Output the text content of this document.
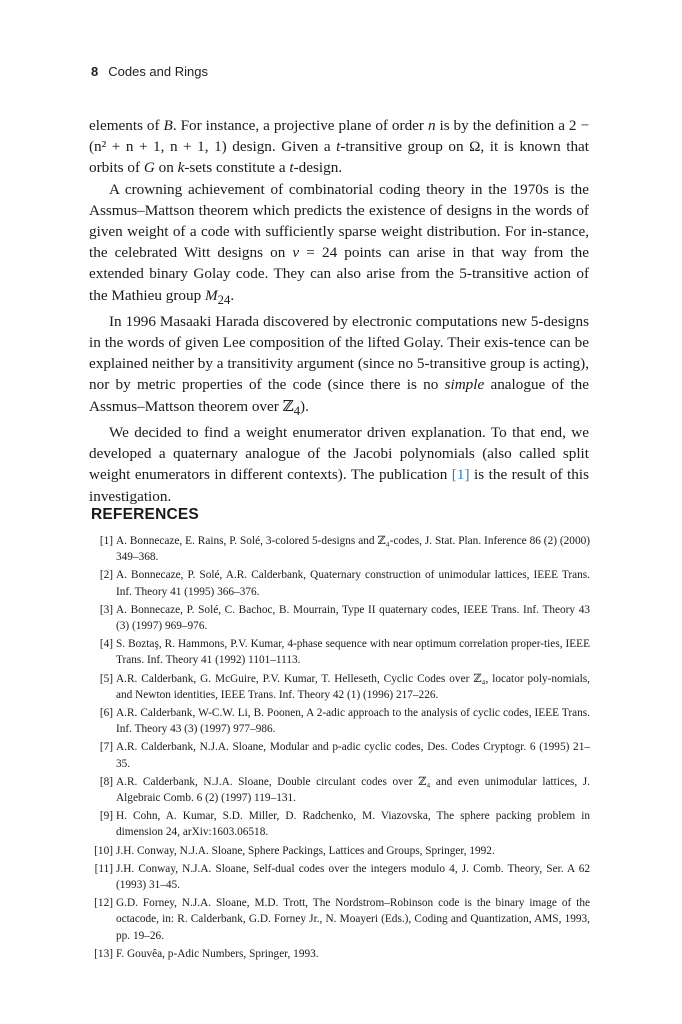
8 Codes and Rings

elements of B. For instance, a projective plane of order n is by the definition a 2 − (n² + n + 1, n + 1, 1) design. Given a t-transitive group on Ω, it is known that orbits of G on k-sets constitute a t-design.

A crowning achievement of combinatorial coding theory in the 1970s is the Assmus–Mattson theorem which predicts the existence of designs in the words of given weight of a code with sufficiently sparse weight distribution. For in-stance, the celebrated Witt designs on v = 24 points can arise in that way from the extended binary Golay code. They can also arise from the 5-transitive action of the Mathieu group $M_{24}$.

In 1996 Masaaki Harada discovered by electronic computations new 5-designs in the words of given Lee composition of the lifted Golay. Their exis-tence can be explained neither by a transitivity argument (since no 5-transitive group is acting), nor by metric properties of the code (since there is no simple analogue of the Assmus–Mattson theorem over ℤ$_4$).

We decided to find a weight enumerator driven explanation. To that end, we developed a quaternary analogue of the Jacobi polynomials (also called split weight enumerators in different contexts). The publication [1] is the result of this investigation.

REFERENCES
[1] A. Bonnecaze, E. Rains, P. Solé, 3-colored 5-designs and ℤ₄-codes, J. Stat. Plan. Inference 86 (2) (2000) 349–368.
[2] A. Bonnecaze, P. Solé, A.R. Calderbank, Quaternary construction of unimodular lattices, IEEE Trans. Inf. Theory 41 (1995) 366–376.
[3] A. Bonnecaze, P. Solé, C. Bachoc, B. Mourrain, Type II quaternary codes, IEEE Trans. Inf. Theory 43 (3) (1997) 969–976.
[4] S. Boztaş, R. Hammons, P.V. Kumar, 4-phase sequence with near optimum correlation proper-ties, IEEE Trans. Inf. Theory 41 (1992) 1101–1113.
[5] A.R. Calderbank, G. McGuire, P.V. Kumar, T. Helleseth, Cyclic Codes over ℤ₄, locator poly-nomials, and Newton identities, IEEE Trans. Inf. Theory 42 (1) (1996) 217–226.
[6] A.R. Calderbank, W-C.W. Li, B. Poonen, A 2-adic approach to the analysis of cyclic codes, IEEE Trans. Inf. Theory 43 (3) (1997) 977–986.
[7] A.R. Calderbank, N.J.A. Sloane, Modular and p-adic cyclic codes, Des. Codes Cryptogr. 6 (1995) 21–35.
[8] A.R. Calderbank, N.J.A. Sloane, Double circulant codes over ℤ₄ and even unimodular lattices, J. Algebraic Comb. 6 (2) (1997) 119–131.
[9] H. Cohn, A. Kumar, S.D. Miller, D. Radchenko, M. Viazovska, The sphere packing problem in dimension 24, arXiv:1603.06518.
[10] J.H. Conway, N.J.A. Sloane, Sphere Packings, Lattices and Groups, Springer, 1992.
[11] J.H. Conway, N.J.A. Sloane, Self-dual codes over the integers modulo 4, J. Comb. Theory, Ser. A 62 (1993) 31–45.
[12] G.D. Forney, N.J.A. Sloane, M.D. Trott, The Nordstrom–Robinson code is the binary image of the octacode, in: R. Calderbank, G.D. Forney Jr., N. Moayeri (Eds.), Coding and Quantization, AMS, 1993, pp. 19–26.
[13] F. Gouvêa, p-Adic Numbers, Springer, 1993.
